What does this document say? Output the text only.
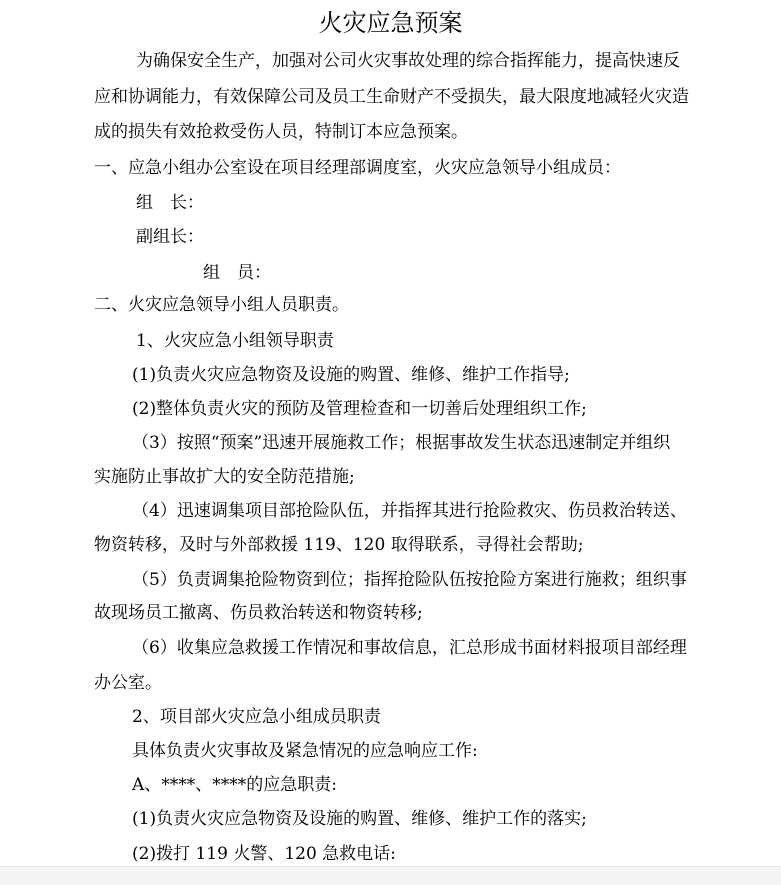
火灾应急预案
为确保安全生产，加强对公司火灾事故处理的综合指挥能力，提高快速反
应和协调能力，有效保障公司及员工生命财产不受损失，最大限度地减轻火灾造
成的损失有效抢救受伤人员，特制订本应急预案。
一、应急小组办公室设在项目经理部调度室，火灾应急领导小组成员：
组　长：
副组长：
组　员：
二、火灾应急领导小组人员职责。
1、火灾应急小组领导职责
(1)负责火灾应急物资及设施的购置、维修、维护工作指导;
(2)整体负责火灾的预防及管理检查和一切善后处理组织工作;
（3）按照“预案”迅速开展施救工作；根据事故发生状态迅速制定并组织
实施防止事故扩大的安全防范措施;
（4）迅速调集项目部抢险队伍，并指挥其进行抢险救灾、伤员救治转送、
物资转移，及时与外部救援 119、120 取得联系，寻得社会帮助;
（5）负责调集抢险物资到位；指挥抢险队伍按抢险方案进行施救；组织事
故现场员工撤离、伤员救治转送和物资转移;
（6）收集应急救援工作情况和事故信息，汇总形成书面材料报项目部经理
办公室。
2、项目部火灾应急小组成员职责
具体负责火灾事故及紧急情况的应急响应工作:
A、****、****的应急职责:
(1)负责火灾应急物资及设施的购置、维修、维护工作的落实;
(2)拨打 119 火警、120 急救电话:
